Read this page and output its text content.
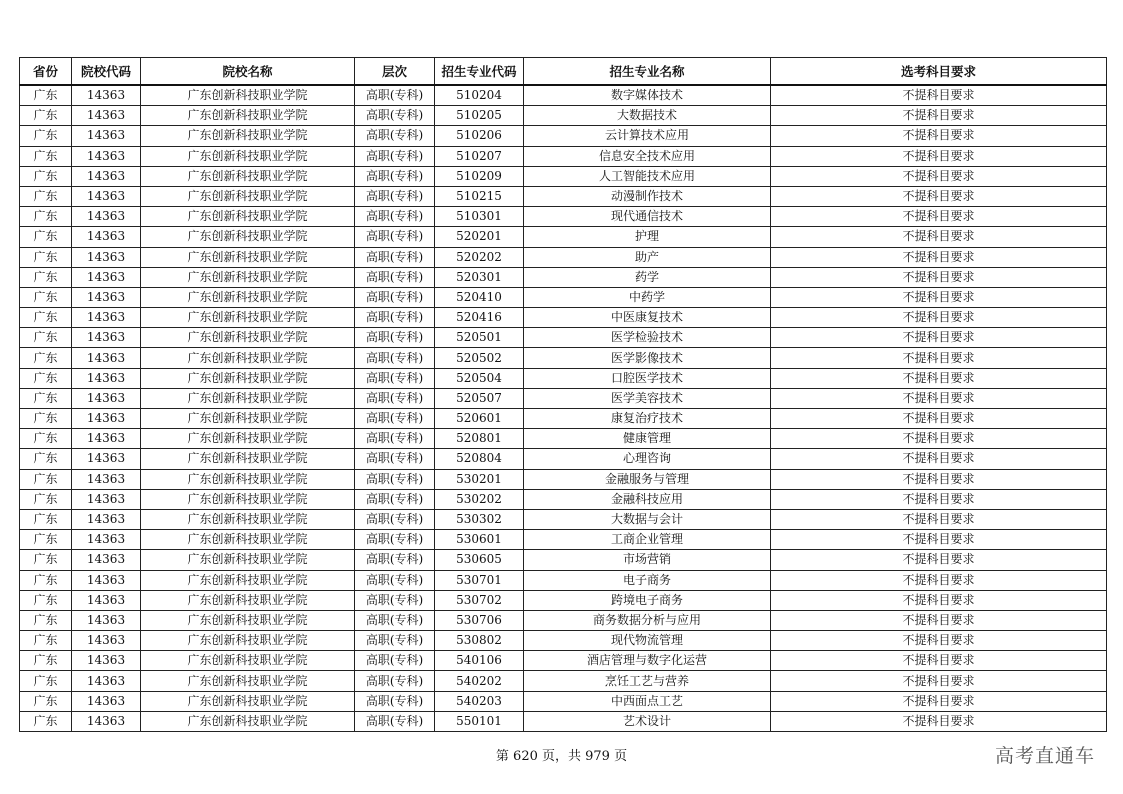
省份	院校代码	院校名称	层次	招生专业代码	招生专业名称	选考科目要求
广东	14363	广东创新科技职业学院	高职(专科)	510204	数字媒体技术	不提科目要求
广东	14363	广东创新科技职业学院	高职(专科)	510205	大数据技术	不提科目要求
广东	14363	广东创新科技职业学院	高职(专科)	510206	云计算技术应用	不提科目要求
广东	14363	广东创新科技职业学院	高职(专科)	510207	信息安全技术应用	不提科目要求
广东	14363	广东创新科技职业学院	高职(专科)	510209	人工智能技术应用	不提科目要求
广东	14363	广东创新科技职业学院	高职(专科)	510215	动漫制作技术	不提科目要求
广东	14363	广东创新科技职业学院	高职(专科)	510301	现代通信技术	不提科目要求
广东	14363	广东创新科技职业学院	高职(专科)	520201	护理	不提科目要求
广东	14363	广东创新科技职业学院	高职(专科)	520202	助产	不提科目要求
广东	14363	广东创新科技职业学院	高职(专科)	520301	药学	不提科目要求
广东	14363	广东创新科技职业学院	高职(专科)	520410	中药学	不提科目要求
广东	14363	广东创新科技职业学院	高职(专科)	520416	中医康复技术	不提科目要求
广东	14363	广东创新科技职业学院	高职(专科)	520501	医学检验技术	不提科目要求
广东	14363	广东创新科技职业学院	高职(专科)	520502	医学影像技术	不提科目要求
广东	14363	广东创新科技职业学院	高职(专科)	520504	口腔医学技术	不提科目要求
广东	14363	广东创新科技职业学院	高职(专科)	520507	医学美容技术	不提科目要求
广东	14363	广东创新科技职业学院	高职(专科)	520601	康复治疗技术	不提科目要求
广东	14363	广东创新科技职业学院	高职(专科)	520801	健康管理	不提科目要求
广东	14363	广东创新科技职业学院	高职(专科)	520804	心理咨询	不提科目要求
广东	14363	广东创新科技职业学院	高职(专科)	530201	金融服务与管理	不提科目要求
广东	14363	广东创新科技职业学院	高职(专科)	530202	金融科技应用	不提科目要求
广东	14363	广东创新科技职业学院	高职(专科)	530302	大数据与会计	不提科目要求
广东	14363	广东创新科技职业学院	高职(专科)	530601	工商企业管理	不提科目要求
广东	14363	广东创新科技职业学院	高职(专科)	530605	市场营销	不提科目要求
广东	14363	广东创新科技职业学院	高职(专科)	530701	电子商务	不提科目要求
广东	14363	广东创新科技职业学院	高职(专科)	530702	跨境电子商务	不提科目要求
广东	14363	广东创新科技职业学院	高职(专科)	530706	商务数据分析与应用	不提科目要求
广东	14363	广东创新科技职业学院	高职(专科)	530802	现代物流管理	不提科目要求
广东	14363	广东创新科技职业学院	高职(专科)	540106	酒店管理与数字化运营	不提科目要求
广东	14363	广东创新科技职业学院	高职(专科)	540202	烹饪工艺与营养	不提科目要求
广东	14363	广东创新科技职业学院	高职(专科)	540203	中西面点工艺	不提科目要求
广东	14363	广东创新科技职业学院	高职(专科)	550101	艺术设计	不提科目要求
第 620 页，共 979 页	高考直通车
